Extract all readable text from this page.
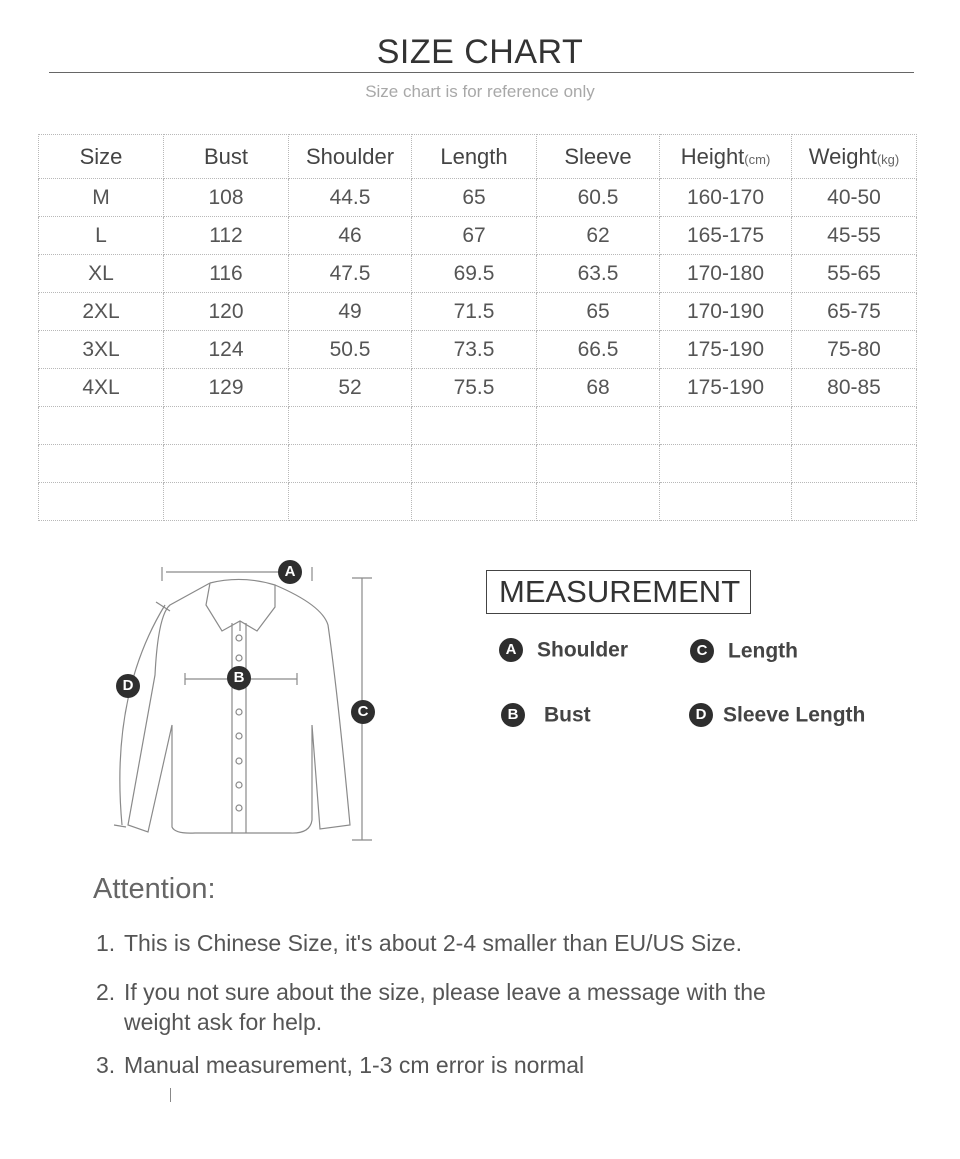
SIZE CHART
Size chart is for reference only
Size	Bust	Shoulder	Length	Sleeve	Height(cm)	Weight(kg)
M	108	44.5	65	60.5	160-170	40-50
L	112	46	67	62	165-175	45-55
XL	116	47.5	69.5	63.5	170-180	55-65
2XL	120	49	71.5	65	170-190	65-75
3XL	124	50.5	73.5	66.5	175-190	75-80
4XL	129	52	75.5	68	175-190	80-85

A
B
C
D
MEASUREMENT
A Shoulder	C Length
B Bust	D Sleeve Length
Attention:
1. This is Chinese Size, it's about 2-4 smaller than EU/US Size.
2. If you not sure about the size, please leave a message with the
weight ask for help.
3. Manual measurement, 1-3 cm error is normal
